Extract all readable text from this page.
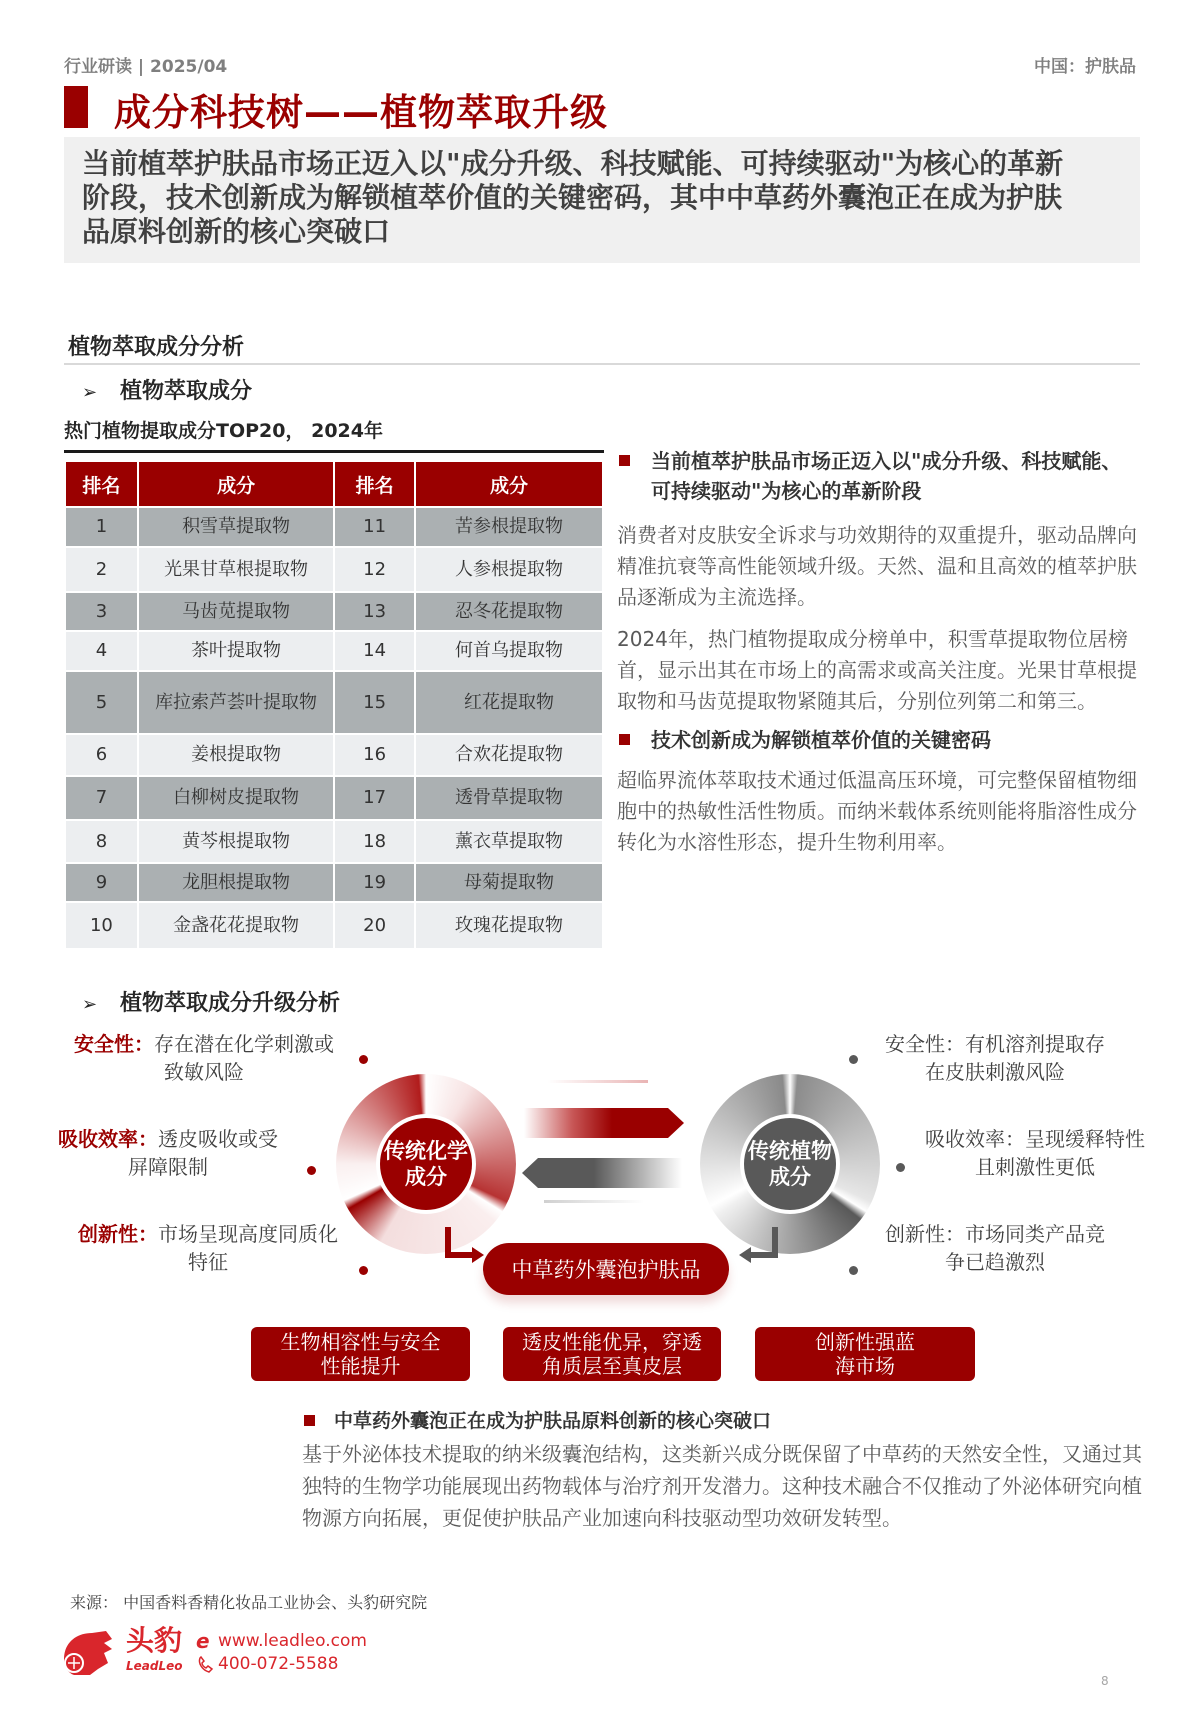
行业研读 | 2025/04	中国：护肤品
成分科技树——植物萃取升级

当前植萃护肤品市场正迈入以"成分升级、科技赋能、可持续驱动"为核心的革新阶段，技术创新成为解锁植萃价值的关键密码，其中中草药外囊泡正在成为护肤品原料创新的核心突破口

植物萃取成分分析
➢ 植物萃取成分
热门植物提取成分TOP20， 2024年
排名	成分	排名	成分
1	积雪草提取物	11	苦参根提取物
2	光果甘草根提取物	12	人参根提取物
3	马齿苋提取物	13	忍冬花提取物
4	茶叶提取物	14	何首乌提取物
5	库拉索芦荟叶提取物	15	红花提取物
6	姜根提取物	16	合欢花提取物
7	白柳树皮提取物	17	透骨草提取物
8	黄芩根提取物	18	薰衣草提取物
9	龙胆根提取物	19	母菊提取物
10	金盏花花提取物	20	玫瑰花提取物
当前植萃护肤品市场正迈入以"成分升级、科技赋能、可持续驱动"为核心的革新阶段

消费者对皮肤安全诉求与功效期待的双重提升，驱动品牌向精准抗衰等高性能领域升级。天然、温和且高效的植萃护肤品逐渐成为主流选择。

2024年，热门植物提取成分榜单中，积雪草提取物位居榜首，显示出其在市场上的高需求或高关注度。光果甘草根提取物和马齿苋提取物紧随其后，分别位列第二和第三。

技术创新成为解锁植萃价值的关键密码

超临界流体萃取技术通过低温高压环境，可完整保留植物细胞中的热敏性活性物质。而纳米载体系统则能将脂溶性成分转化为水溶性形态，提升生物利用率。

➢ 植物萃取成分升级分析
安全性：存在潜在化学刺激或致敏风险
吸收效率：透皮吸收或受屏障限制
创新性：市场呈现高度同质化特征
传统化学成分
传统植物成分
安全性：有机溶剂提取存在皮肤刺激风险
吸收效率：呈现缓释特性且刺激性更低
创新性：市场同类产品竞争已趋激烈
中草药外囊泡护肤品
生物相容性与安全性能提升
透皮性能优异，穿透角质层至真皮层
创新性强蓝海市场
中草药外囊泡正在成为护肤品原料创新的核心突破口

基于外泌体技术提取的纳米级囊泡结构，这类新兴成分既保留了中草药的天然安全性，又通过其独特的生物学功能展现出药物载体与治疗剂开发潜力。这种技术融合不仅推动了外泌体研究向植物源方向拓展，更促使护肤品产业加速向科技驱动型功效研发转型。

来源： 中国香料香精化妆品工业协会、头豹研究院
头豹
LeadLeo
e www.leadleo.com
400-072-5588
8
